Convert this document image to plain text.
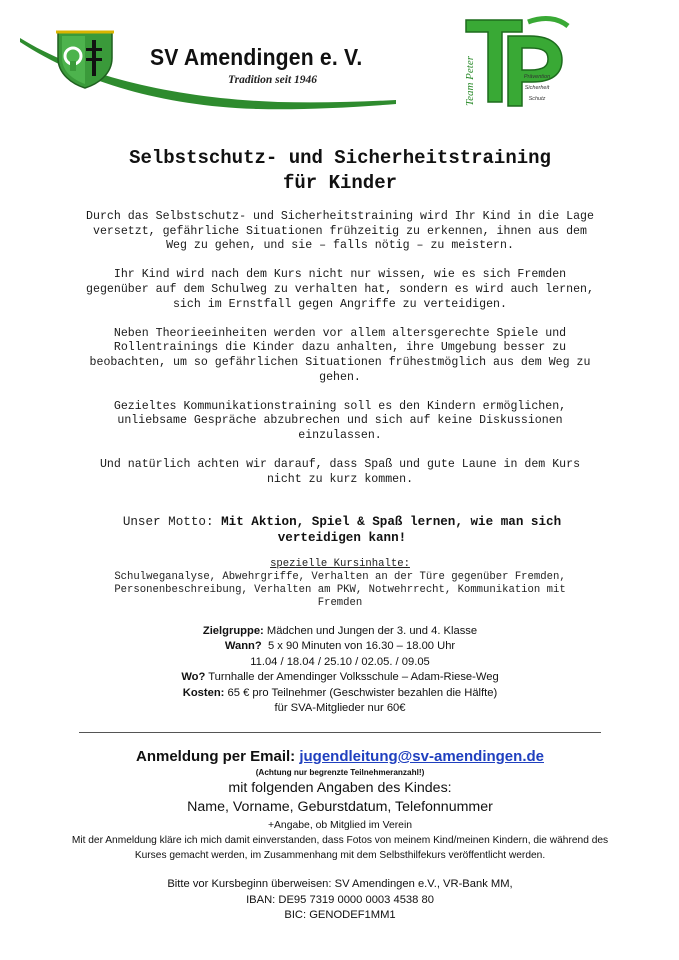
SV Amendingen e. V.
Tradition seit 1946	Team Peter	Prävention
Sicherheit
Schutz
Selbstschutz- und Sicherheitstraining
für Kinder

Durch das Selbstschutz- und Sicherheitstraining wird Ihr Kind in die Lage versetzt, gefährliche Situationen frühzeitig zu erkennen, ihnen aus dem Weg zu gehen, und sie – falls nötig – zu meistern.

Ihr Kind wird nach dem Kurs nicht nur wissen, wie es sich Fremden gegenüber auf dem Schulweg zu verhalten hat, sondern es wird auch lernen, sich im Ernstfall gegen Angriffe zu verteidigen.

Neben Theorieeinheiten werden vor allem altersgerechte Spiele und Rollentrainings die Kinder dazu anhalten, ihre Umgebung besser zu beobachten, um so gefährlichen Situationen frühestmöglich aus dem Weg zu gehen.

Gezieltes Kommunikationstraining soll es den Kindern ermöglichen, unliebsame Gespräche abzubrechen und sich auf keine Diskussionen einzulassen.

Und natürlich achten wir darauf, dass Spaß und gute Laune in dem Kurs nicht zu kurz kommen.

Unser Motto: Mit Aktion, Spiel & Spaß lernen, wie man sich verteidigen kann!
spezielle Kursinhalte:
Schulweganalyse, Abwehrgriffe, Verhalten an der Türe gegenüber Fremden, Personenbeschreibung, Verhalten am PKW, Notwehrrecht, Kommunikation mit Fremden
Zielgruppe: Mädchen und Jungen der 3. und 4. Klasse
Wann? 5 x 90 Minuten von 16.30 – 18.00 Uhr
11.04 / 18.04 / 25.10 / 02.05. / 09.05
Wo? Turnhalle der Amendinger Volksschule – Adam-Riese-Weg
Kosten: 65 € pro Teilnehmer (Geschwister bezahlen die Hälfte)
für SVA-Mitglieder nur 60€
Anmeldung per Email: jugendleitung@sv-amendingen.de
(Achtung nur begrenzte Teilnehmeranzahl!)
mit folgenden Angaben des Kindes:
Name, Vorname, Geburstdatum, Telefonnummer
+Angabe, ob Mitglied im Verein
Mit der Anmeldung kläre ich mich damit einverstanden, dass Fotos von meinem Kind/meinen Kindern, die während des Kurses gemacht werden, im Zusammenhang mit dem Selbsthilfekurs veröffentlicht werden.
Bitte vor Kursbeginn überweisen: SV Amendingen e.V., VR-Bank MM,
IBAN: DE95 7319 0000 0003 4538 80
BIC: GENODEF1MM1
